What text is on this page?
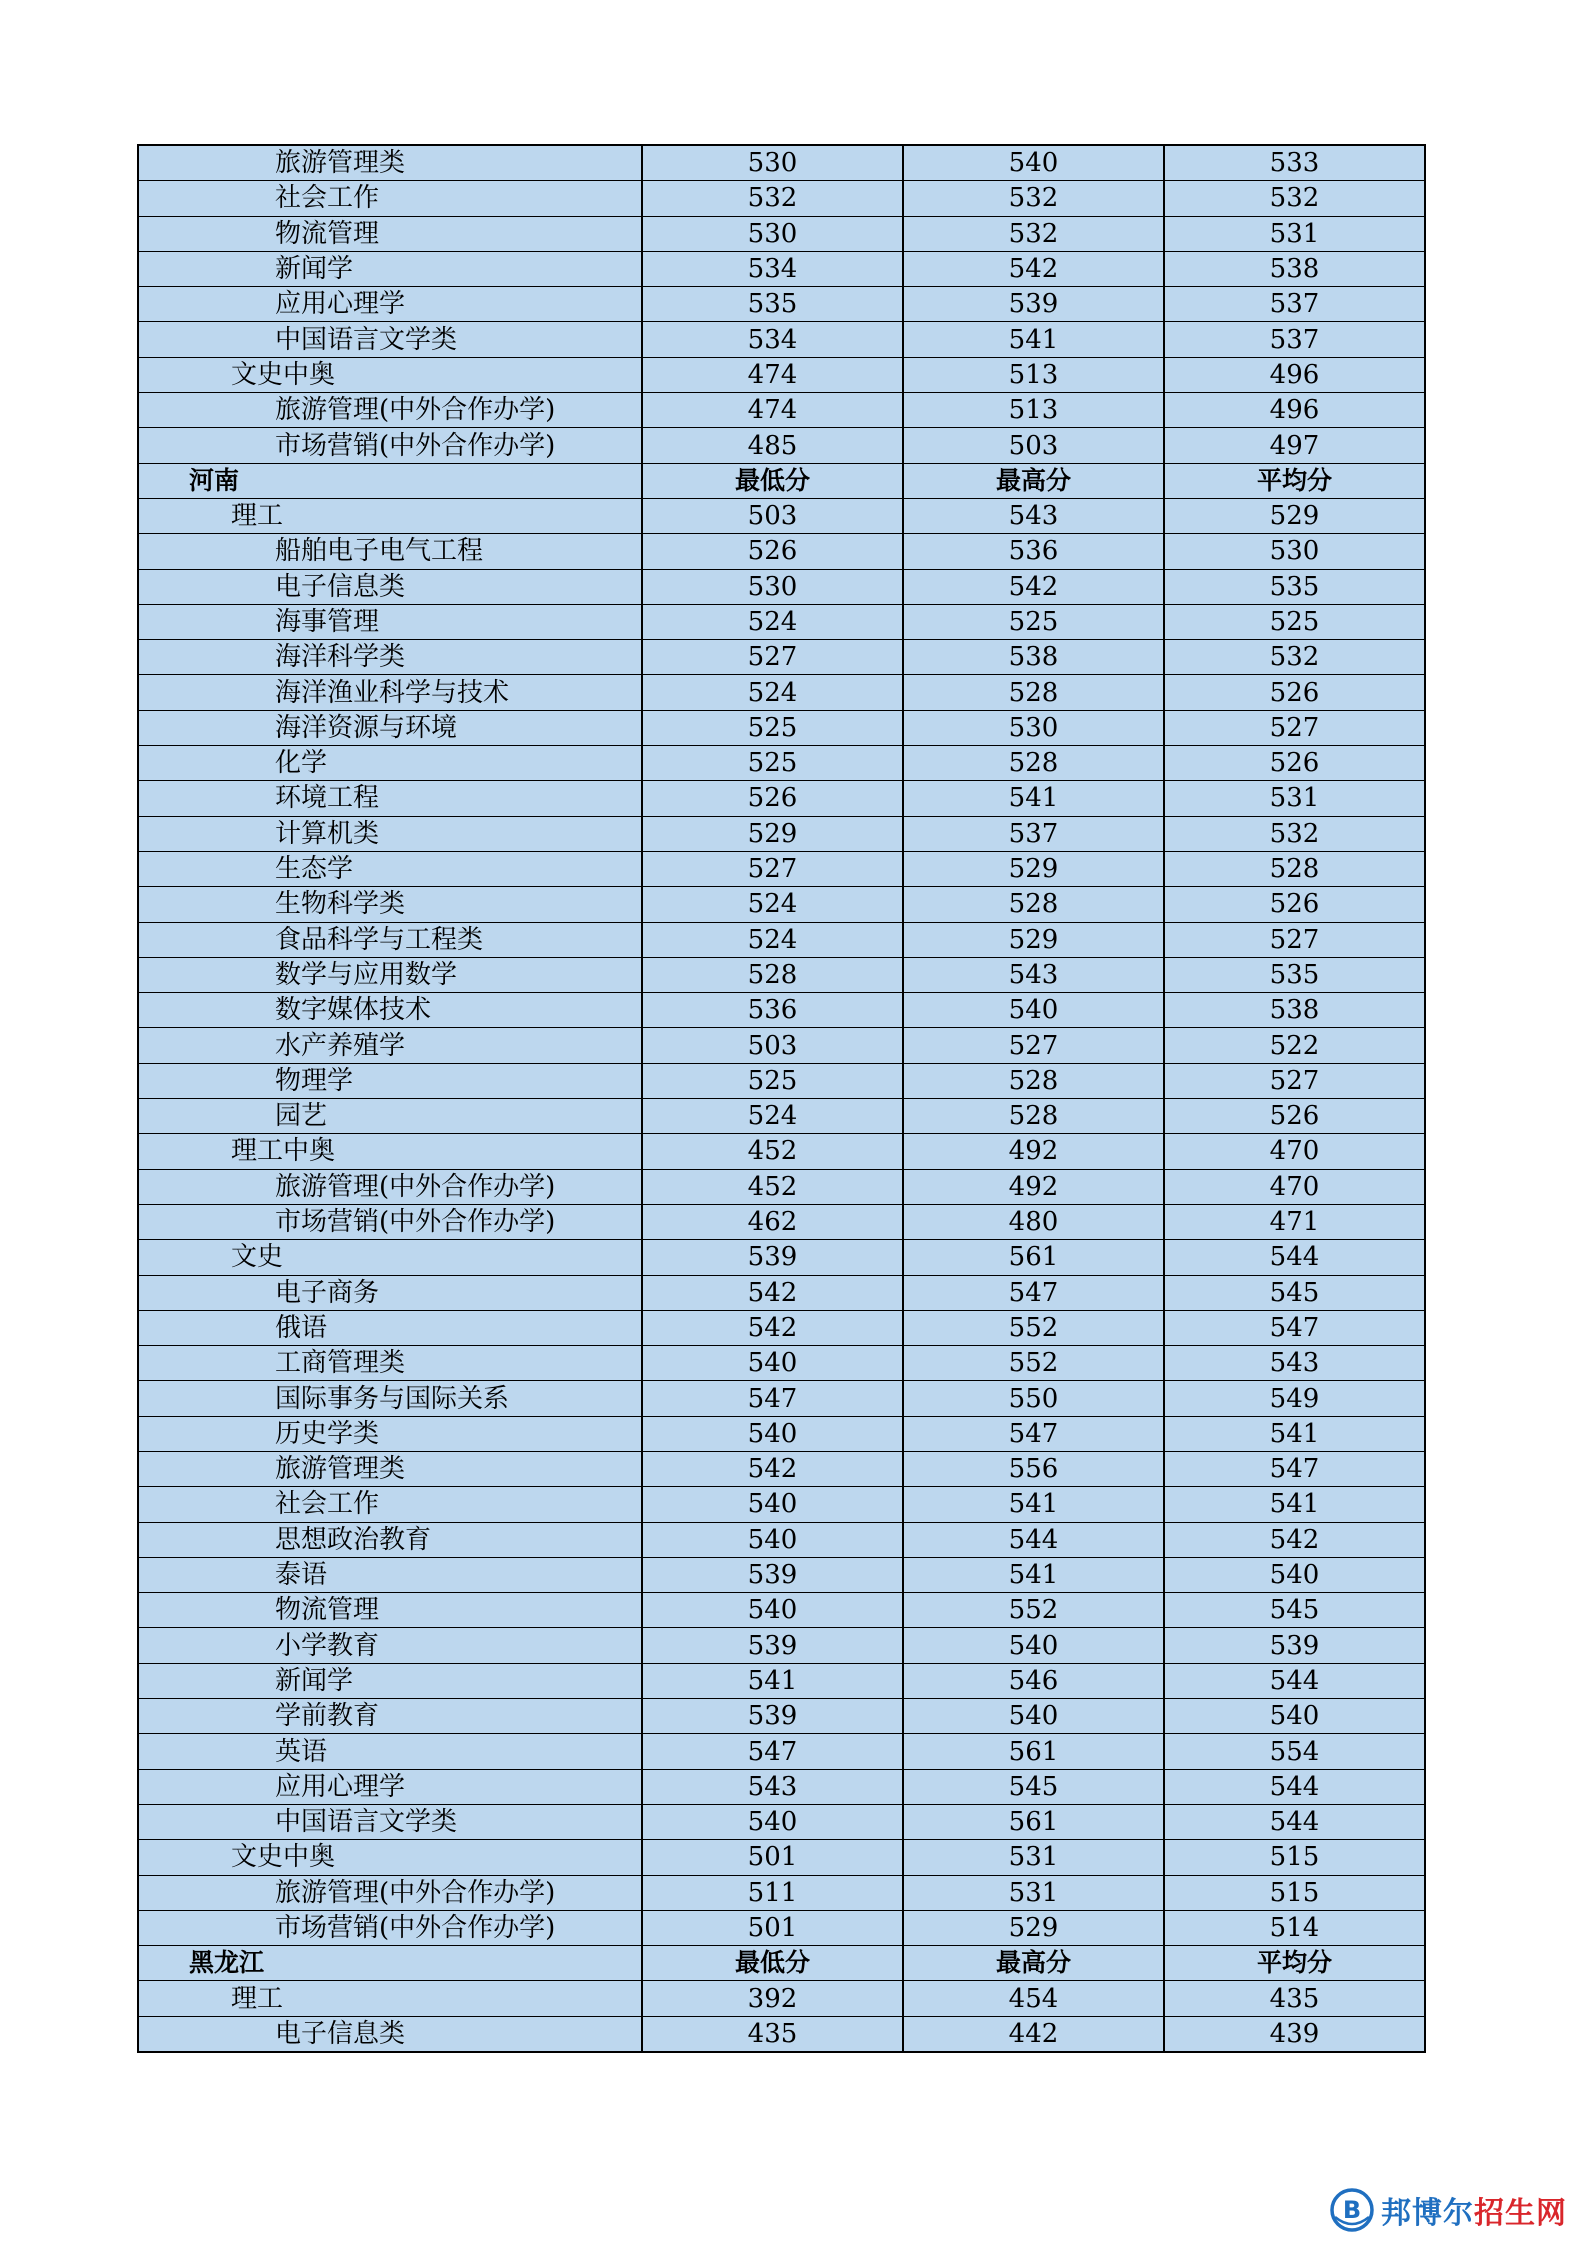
旅游管理类	530	540	533
社会工作	532	532	532
物流管理	530	532	531
新闻学	534	542	538
应用心理学	535	539	537
中国语言文学类	534	541	537
文史中奥	474	513	496
旅游管理(中外合作办学)	474	513	496
市场营销(中外合作办学)	485	503	497
河南	最低分	最高分	平均分
理工	503	543	529
船舶电子电气工程	526	536	530
电子信息类	530	542	535
海事管理	524	525	525
海洋科学类	527	538	532
海洋渔业科学与技术	524	528	526
海洋资源与环境	525	530	527
化学	525	528	526
环境工程	526	541	531
计算机类	529	537	532
生态学	527	529	528
生物科学类	524	528	526
食品科学与工程类	524	529	527
数学与应用数学	528	543	535
数字媒体技术	536	540	538
水产养殖学	503	527	522
物理学	525	528	527
园艺	524	528	526
理工中奥	452	492	470
旅游管理(中外合作办学)	452	492	470
市场营销(中外合作办学)	462	480	471
文史	539	561	544
电子商务	542	547	545
俄语	542	552	547
工商管理类	540	552	543
国际事务与国际关系	547	550	549
历史学类	540	547	541
旅游管理类	542	556	547
社会工作	540	541	541
思想政治教育	540	544	542
泰语	539	541	540
物流管理	540	552	545
小学教育	539	540	539
新闻学	541	546	544
学前教育	539	540	540
英语	547	561	554
应用心理学	543	545	544
中国语言文学类	540	561	544
文史中奥	501	531	515
旅游管理(中外合作办学)	511	531	515
市场营销(中外合作办学)	501	529	514
黑龙江	最低分	最高分	平均分
理工	392	454	435
电子信息类	435	442	439
B 邦博尔招生网
